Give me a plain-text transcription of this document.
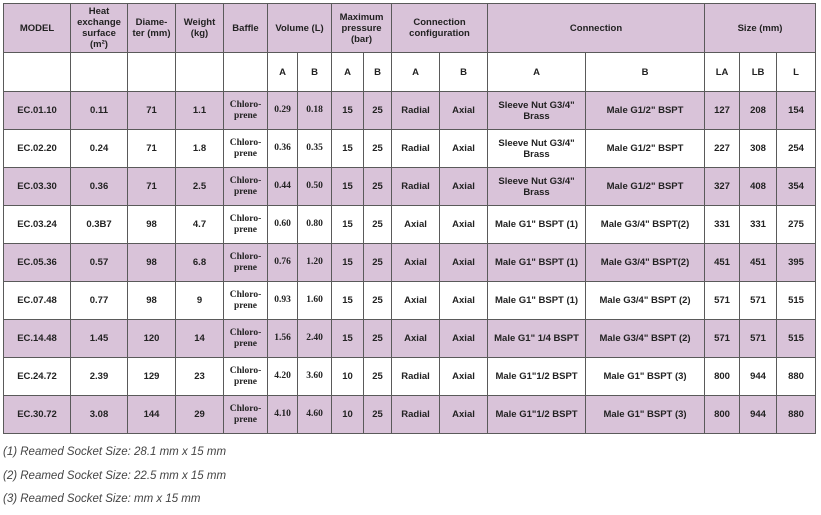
MODEL	Heat exchange surface (m²)	Diame-ter (mm)	Weight (kg)	Baffle	Volume (L)		Maximum pressure (bar)		Connection configuration		Connection		Size (mm)		
					A	B	A	B	A	B	A	B	LA	LB	L
EC.01.10	0.11	71	1.1	Chloro-prene	0.29	0.18	15	25	Radial	Axial	Sleeve Nut G3/4" Brass	Male G1/2" BSPT	127	208	154
EC.02.20	0.24	71	1.8	Chloro-prene	0.36	0.35	15	25	Radial	Axial	Sleeve Nut G3/4" Brass	Male G1/2" BSPT	227	308	254
EC.03.30	0.36	71	2.5	Chloro-prene	0.44	0.50	15	25	Radial	Axial	Sleeve Nut G3/4" Brass	Male G1/2" BSPT	327	408	354
EC.03.24	0.3B7	98	4.7	Chloro-prene	0.60	0.80	15	25	Axial	Axial	Male G1" BSPT (1)	Male G3/4" BSPT(2)	331	331	275
EC.05.36	0.57	98	6.8	Chloro-prene	0.76	1.20	15	25	Axial	Axial	Male G1" BSPT (1)	Male G3/4" BSPT(2)	451	451	395
EC.07.48	0.77	98	9	Chloro-prene	0.93	1.60	15	25	Axial	Axial	Male G1" BSPT (1)	Male G3/4" BSPT (2)	571	571	515
EC.14.48	1.45	120	14	Chloro-prene	1.56	2.40	15	25	Axial	Axial	Male G1" 1/4 BSPT	Male G3/4" BSPT (2)	571	571	515
EC.24.72	2.39	129	23	Chloro-prene	4.20	3.60	10	25	Radial	Axial	Male G1"1/2 BSPT	Male G1" BSPT (3)	800	944	880
EC.30.72	3.08	144	29	Chloro-prene	4.10	4.60	10	25	Radial	Axial	Male G1"1/2 BSPT	Male G1" BSPT (3)	800	944	880
(1) Reamed Socket Size: 28.1 mm x 15 mm
(2) Reamed Socket Size: 22.5 mm x 15 mm
(3) Reamed Socket Size: mm x 15 mm
